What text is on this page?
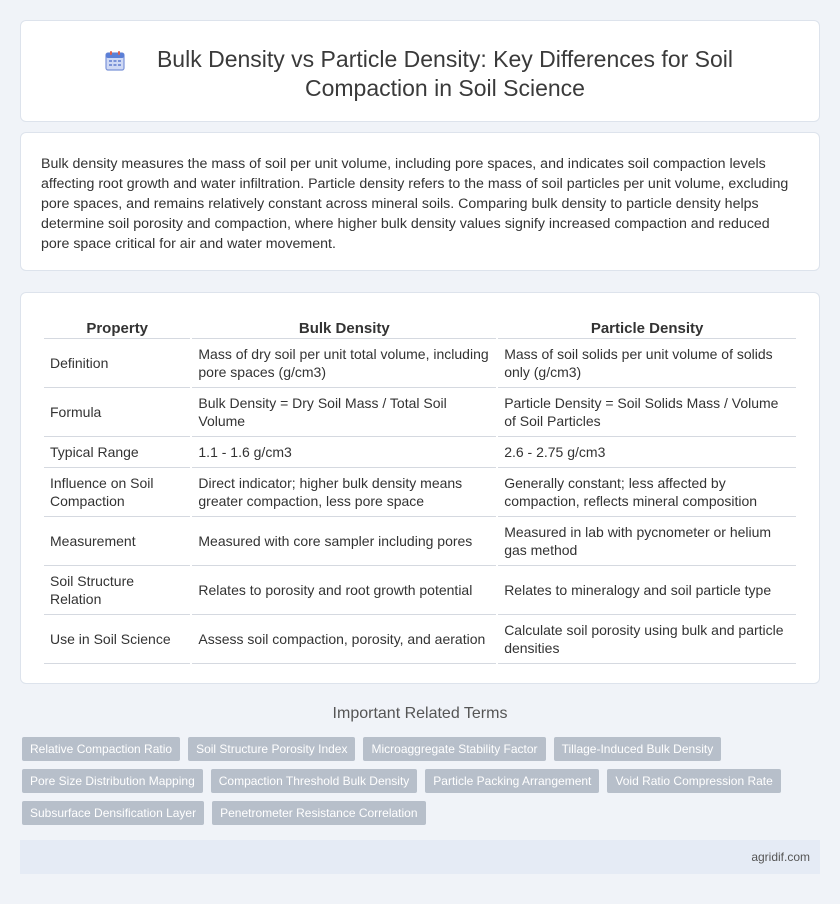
Bulk Density vs Particle Density: Key Differences for Soil Compaction in Soil Science

Bulk density measures the mass of soil per unit volume, including pore spaces, and indicates soil compaction levels affecting root growth and water infiltration. Particle density refers to the mass of soil particles per unit volume, excluding pore spaces, and remains relatively constant across mineral soils. Comparing bulk density to particle density helps determine soil porosity and compaction, where higher bulk density values signify increased compaction and reduced pore space critical for air and water movement.

Property	Bulk Density	Particle Density
Definition	Mass of dry soil per unit total volume, including pore spaces (g/cm3)	Mass of soil solids per unit volume of solids only (g/cm3)
Formula	Bulk Density = Dry Soil Mass / Total Soil Volume	Particle Density = Soil Solids Mass / Volume of Soil Particles
Typical Range	1.1 - 1.6 g/cm3	2.6 - 2.75 g/cm3
Influence on Soil Compaction	Direct indicator; higher bulk density means greater compaction, less pore space	Generally constant; less affected by compaction, reflects mineral composition
Measurement	Measured with core sampler including pores	Measured in lab with pycnometer or helium gas method
Soil Structure Relation	Relates to porosity and root growth potential	Relates to mineralogy and soil particle type
Use in Soil Science	Assess soil compaction, porosity, and aeration	Calculate soil porosity using bulk and particle densities
Important Related Terms
Relative Compaction Ratio	Soil Structure Porosity Index	Microaggregate Stability Factor	Tillage-Induced Bulk Density
Pore Size Distribution Mapping	Compaction Threshold Bulk Density	Particle Packing Arrangement	Void Ratio Compression Rate
Subsurface Densification Layer	Penetrometer Resistance Correlation
agridif.com
